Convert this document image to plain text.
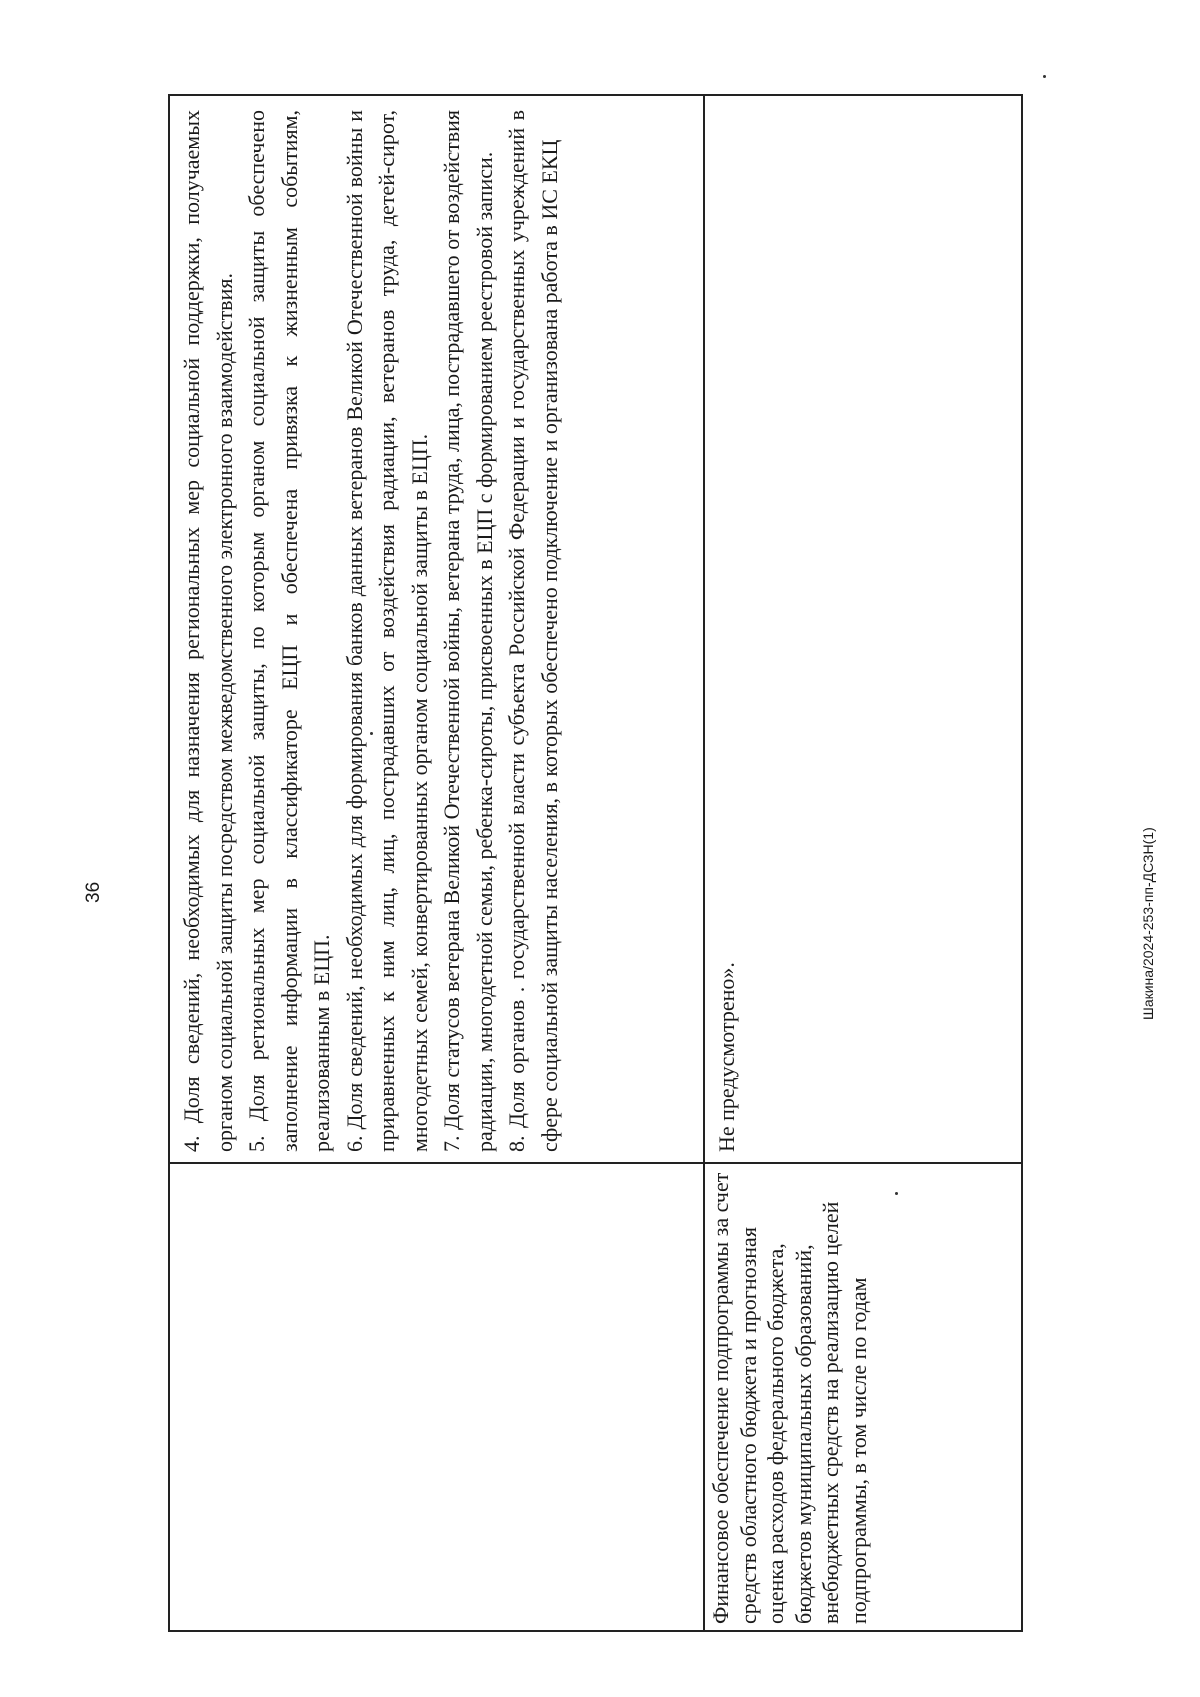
36	Шакина/2024-253-пп-ДСЗН(1)

4. Доля сведений, необходимых для назначения региональных мер социальной поддержки, получаемых органом социальной защиты посредством межведомственного электронного взаимодействия. 5. Доля региональных мер социальной защиты, по которым органом социальной защиты обеспечено заполнение информации в классификаторе ЕЦП и обеспечена привязка к жизненным событиям, реализованным в ЕЦП. 6. Доля сведений, необходимых для формирования банков данных ветеранов Великой Отечественной войны и приравненных к ним лиц, лиц, пострадавших от воздействия радиации, ветеранов труда, детей-сирот, многодетных семей, конвертированных органом социальной защиты в ЕЦП. 7. Доля статусов ветерана Великой Отечественной войны, ветерана труда, лица, пострадавшего от воздействия радиации, многодетной семьи, ребенка-сироты, присвоенных в ЕЦП с формированием реестровой записи. 8. Доля органов . государственной власти субъекта Российской Федерации и государственных учреждений в сфере социальной защиты населения, в которых обеспечено подключение и организована работа в ИС ЕКЦ

Финансовое обеспечение подпрограммы за счет средств областного бюджета и прогнозная оценка расходов федерального бюджета, бюджетов муниципальных образований, внебюджетных средств на реализацию целей подпрограммы, в том числе по годам
Не предусмотрено».
